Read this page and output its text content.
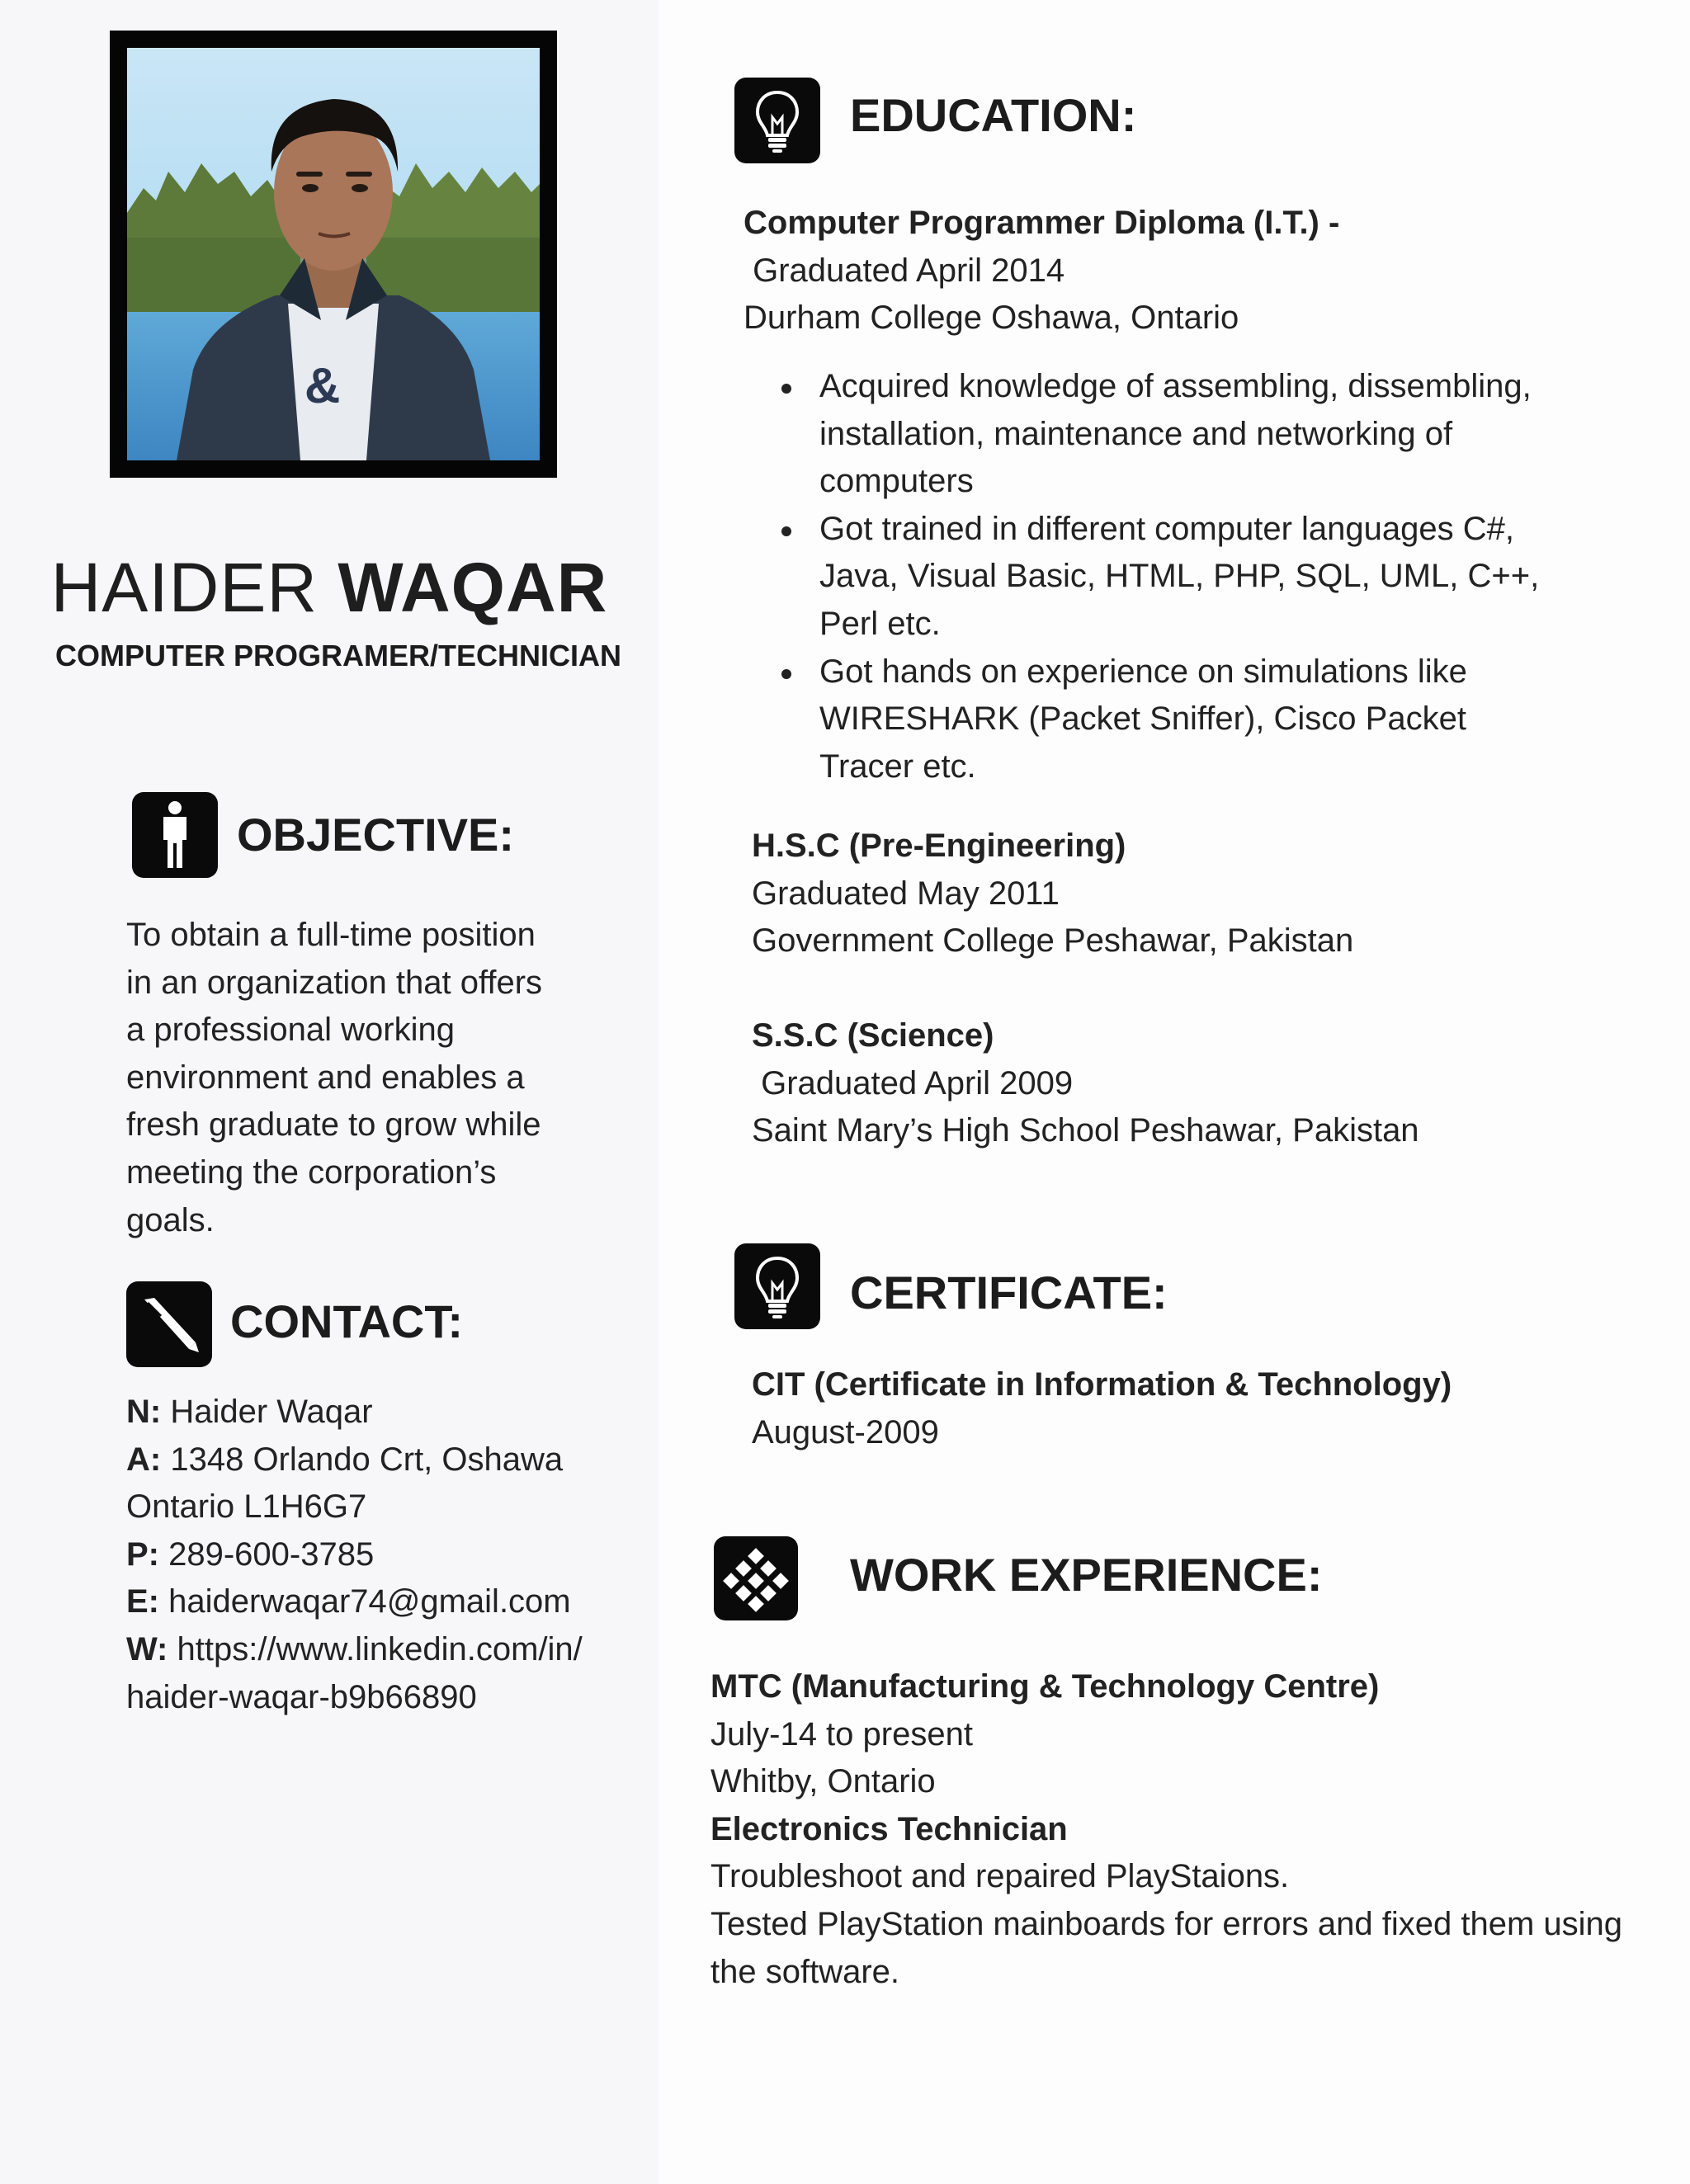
&
HAIDER WAQAR
COMPUTER PROGRAMER/TECHNICIAN
OBJECTIVE:
To obtain a full-time position
in an organization that offers
a professional working
environment and enables a
fresh graduate to grow while
meeting the corporation’s
goals.
CONTACT:
N: Haider Waqar
A: 1348 Orlando Crt, Oshawa
Ontario L1H6G7
P: 289-600-3785
E: haiderwaqar74@gmail.com
W: https://www.linkedin.com/in/
haider-waqar-b9b66890
EDUCATION:
Computer Programmer Diploma (I.T.) -
Graduated April 2014
Durham College Oshawa, Ontario
Acquired knowledge of assembling, dissembling,
installation, maintenance and networking of
computers
Got trained in different computer languages C#,
Java, Visual Basic, HTML, PHP, SQL, UML, C++,
Perl etc.
Got hands on experience on simulations like
WIRESHARK (Packet Sniffer), Cisco Packet
Tracer etc.
H.S.C (Pre-Engineering)
Graduated May 2011
Government College Peshawar, Pakistan
S.S.C (Science)
Graduated April 2009
Saint Mary’s High School Peshawar, Pakistan
CERTIFICATE:
CIT (Certificate in Information & Technology)
August-2009
WORK EXPERIENCE:
MTC (Manufacturing & Technology Centre)
July-14 to present
Whitby, Ontario
Electronics Technician
Troubleshoot and repaired PlayStaions.
Tested PlayStation mainboards for errors and fixed them using
the software.
